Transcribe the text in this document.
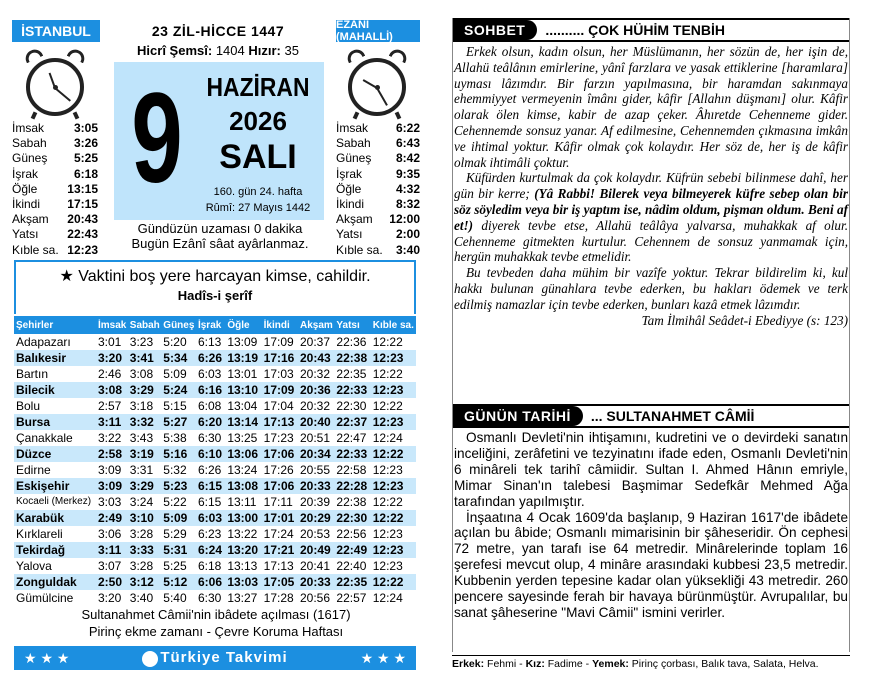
İSTANBUL	23 ZİL-HİCCE 1447	EZÂNİ (MAHALLİ)
Hicrî Şemsî: 1404 Hızır: 35
9 HAZİRAN
2026
SALI
160. gün 24. hafta
Rûmî: 27 Mayıs 1442
İmsak 3:05
Sabah 3:26
Güneş 5:25
İşrak	6:18
Öğle 13:15
İkindi 17:15
Akşam 20:43
Yatsı 22:43
Kıble sa. 12:23
İmsak 6:22
Sabah 6:43
Güneş 8:42
İşrak	9:35
Öğle	4:32
İkindi	8:32
Akşam 12:00
Yatsı	2:00
Kıble sa. 3:40
Gündüzün uzaması 0 dakika
Bugün Ezânî sâat ayârlanmaz.
★ Vaktini boş yere harcayan kimse, cahildir.
Hadîs-i şerîf
Şehirler	İmsak	Sabah	Güneş	İşrak	Öğle	İkindi	Akşam	Yatsı	Kıble sa.
Adapazarı	3:01	3:23	5:20	6:13	13:09	17:09	20:37	22:36	12:22
Balıkesir	3:20	3:41	5:34	6:26	13:19	17:16	20:43	22:38	12:23
Bartın	2:46	3:08	5:09	6:03	13:01	17:03	20:32	22:35	12:22
Bilecik	3:08	3:29	5:24	6:16	13:10	17:09	20:36	22:33	12:23
Bolu	2:57	3:18	5:15	6:08	13:04	17:04	20:32	22:30	12:22
Bursa	3:11	3:32	5:27	6:20	13:14	17:13	20:40	22:37	12:23
Çanakkale	3:22	3:43	5:38	6:30	13:25	17:23	20:51	22:47	12:24
Düzce	2:58	3:19	5:16	6:10	13:06	17:06	20:34	22:33	12:22
Edirne	3:09	3:31	5:32	6:26	13:24	17:26	20:55	22:58	12:23
Eskişehir	3:09	3:29	5:23	6:15	13:08	17:06	20:33	22:28	12:23
Kocaeli (Merkez)	3:03	3:24	5:22	6:15	13:11	17:11	20:39	22:38	12:22
Karabük	2:49	3:10	5:09	6:03	13:00	17:01	20:29	22:30	12:22
Kırklareli	3:06	3:28	5:29	6:23	13:22	17:24	20:53	22:56	12:23
Tekirdağ	3:11	3:33	5:31	6:24	13:20	17:21	20:49	22:49	12:23
Yalova	3:07	3:28	5:25	6:18	13:13	17:13	20:41	22:40	12:23
Zonguldak	2:50	3:12	5:12	6:06	13:03	17:05	20:33	22:35	12:22
Gümülcine	3:20	3:40	5:40	6:30	13:27	17:28	20:56	22:57	12:24
Sultanahmet Câmii'nin ibâdete açılması (1617)
Pirinç ekme zamanı - Çevre Koruma Haftası
★ ★ ★	Türkiye Takvimi	★ ★ ★
SOHBET	.......... ÇOK HÜHİM TENBİH

Erkek olsun, kadın olsun, her Müslümanın, her sözün de, her işin de, Allahü teâlânın emirlerine, yânî farzlara ve yasak ettiklerine [haramlara] uyması lâzımdır. Bir farzın yapılmasına, bir haramdan sakınmaya ehemmiyyet vermeyenin îmânı gider, kâfir [Allahın düşmanı] olur. Kâfir olarak ölen kimse, kabir de azap çeker. Âhıretde Cehenneme gider. Cehennemde sonsuz yanar. Af edilmesine, Cehennemden çıkmasına imkân ve ihtimal yoktur. Kâfir olmak çok kolaydır. Her söz de, her iş de kâfir olmak ihtimâli çoktur.

Küfürden kurtulmak da çok kolaydır. Küfrün sebebi bilinmese dahî, her gün bir kerre; (Yâ Rabbi! Bilerek veya bilmeyerek küfre sebep olan bir söz söyledim veya bir iş yaptım ise, nâdim oldum, pişman oldum. Beni af et!) diyerek tevbe etse, Allahü teâlâya yalvarsa, muhakkak af olur. Cehenneme gitmekten kurtulur. Cehennem de sonsuz yanmamak için, hergün muhakkak tevbe etmelidir.

Bu tevbeden daha mühim bir vazîfe yoktur. Tekrar bildirelim ki, kul hakkı bulunan günahlara tevbe ederken, bu hakları ödemek ve terk edilmiş namazlar için tevbe ederken, bunları kazâ etmek lâzımdır.

Tam İlmihâl Seâdet-i Ebediyye (s: 123)
GÜNÜN TARİHİ	... SULTANAHMET CÂMİİ

Osmanlı Devleti'nin ihtişamını, kudretini ve o devirdeki sanatın inceliğini, zerâfetini ve tezyinatını ifade eden, Osmanlı Devleti'nin 6 minâreli tek tarihî câmiidir. Sultan I. Ahmed Hânın emriyle, Mimar Sinan'ın talebesi Başmimar Sedefkâr Mehmed Ağa tarafından yapılmıştır.

İnşaatına 4 Ocak 1609'da başlanıp, 9 Haziran 1617'de ibâdete açılan bu âbide; Osmanlı mimarisinin bir şâheseridir. Ön cephesi 72 metre, yan tarafı ise 64 metredir. Minârelerinde toplam 16 şerefesi mevcut olup, 4 minâre arasındaki kubbesi 23,5 metredir. Kubbenin yerden tepesine kadar olan yüksekliği 43 metredir. 260 pencere sayesinde ferah bir havaya bürünmüştür. Avrupalılar, bu sanat şâheserine "Mavi Câmii" ismini verirler.

Erkek: Fehmi - Kız: Fadime - Yemek: Pirinç çorbası, Balık tava, Salata, Helva.
